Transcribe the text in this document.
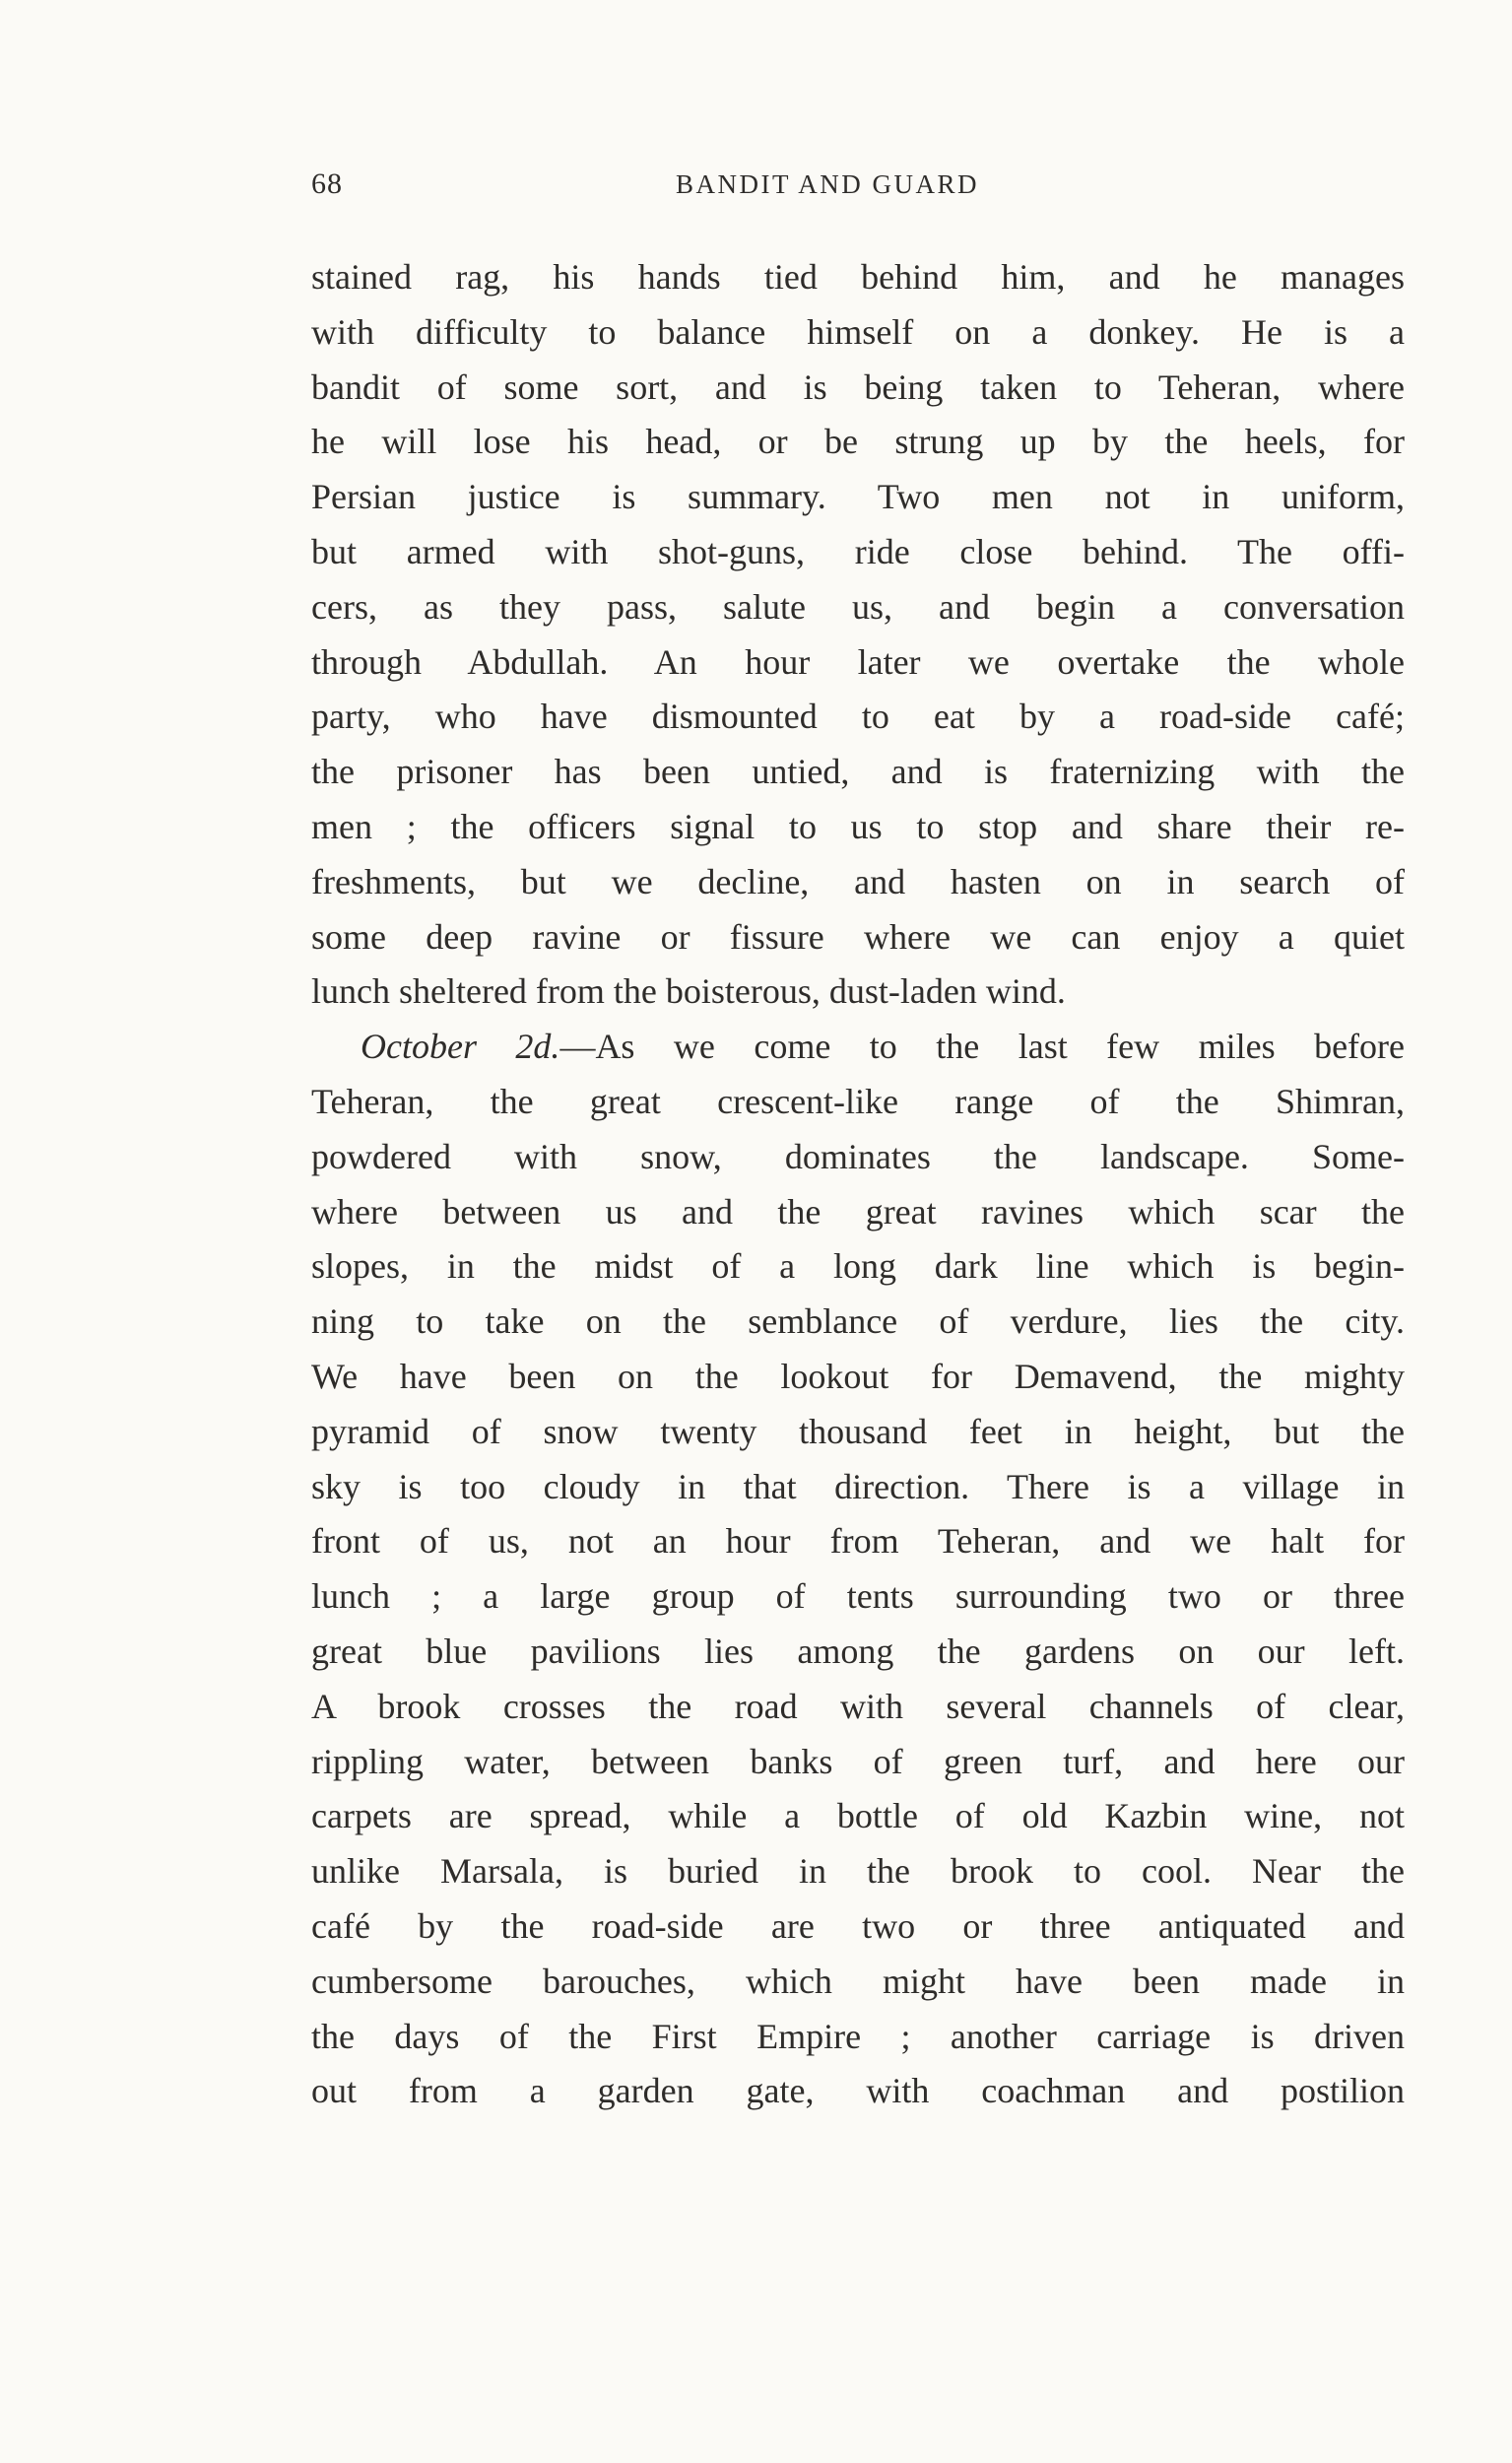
68	BANDIT AND GUARD
stained rag, his hands tied behind him, and he manages
with difficulty to balance himself on a donkey. He is a
bandit of some sort, and is being taken to Teheran, where
he will lose his head, or be strung up by the heels, for
Persian justice is summary. Two men not in uniform,
but armed with shot-guns, ride close behind. The offi-
cers, as they pass, salute us, and begin a conversation
through Abdullah. An hour later we overtake the whole
party, who have dismounted to eat by a road-side café;
the prisoner has been untied, and is fraternizing with the
men ; the officers signal to us to stop and share their re-
freshments, but we decline, and hasten on in search of
some deep ravine or fissure where we can enjoy a quiet
lunch sheltered from the boisterous, dust-laden wind.
October 2d.—As we come to the last few miles before
Teheran, the great crescent-like range of the Shimran,
powdered with snow, dominates the landscape. Some-
where between us and the great ravines which scar the
slopes, in the midst of a long dark line which is begin-
ning to take on the semblance of verdure, lies the city.
We have been on the lookout for Demavend, the mighty
pyramid of snow twenty thousand feet in height, but the
sky is too cloudy in that direction. There is a village in
front of us, not an hour from Teheran, and we halt for
lunch ; a large group of tents surrounding two or three
great blue pavilions lies among the gardens on our left.
A brook crosses the road with several channels of clear,
rippling water, between banks of green turf, and here our
carpets are spread, while a bottle of old Kazbin wine, not
unlike Marsala, is buried in the brook to cool. Near the
café by the road-side are two or three antiquated and
cumbersome barouches, which might have been made in
the days of the First Empire ; another carriage is driven
out from a garden gate, with coachman and postilion
